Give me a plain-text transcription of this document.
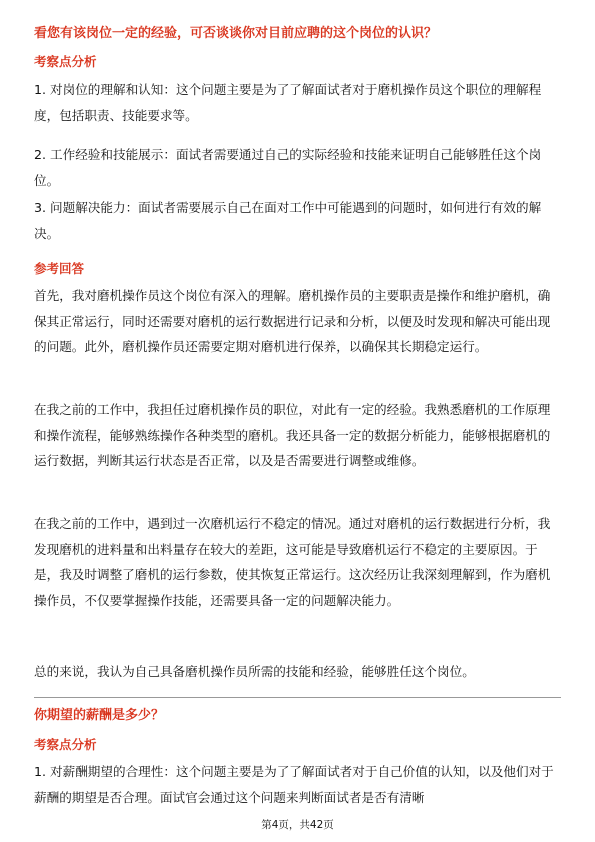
看您有该岗位一定的经验，可否谈谈你对目前应聘的这个岗位的认识？
考察点分析

1. 对岗位的理解和认知：这个问题主要是为了了解面试者对于磨机操作员这个职位的理解程度，包括职责、技能要求等。

2. 工作经验和技能展示：面试者需要通过自己的实际经验和技能来证明自己能够胜任这个岗位。

3. 问题解决能力：面试者需要展示自己在面对工作中可能遇到的问题时，如何进行有效的解决。

参考回答

首先，我对磨机操作员这个岗位有深入的理解。磨机操作员的主要职责是操作和维护磨机，确保其正常运行，同时还需要对磨机的运行数据进行记录和分析，以便及时发现和解决可能出现的问题。此外，磨机操作员还需要定期对磨机进行保养，以确保其长期稳定运行。

在我之前的工作中，我担任过磨机操作员的职位，对此有一定的经验。我熟悉磨机的工作原理和操作流程，能够熟练操作各种类型的磨机。我还具备一定的数据分析能力，能够根据磨机的运行数据，判断其运行状态是否正常，以及是否需要进行调整或维修。

在我之前的工作中，遇到过一次磨机运行不稳定的情况。通过对磨机的运行数据进行分析，我发现磨机的进料量和出料量存在较大的差距，这可能是导致磨机运行不稳定的主要原因。于是，我及时调整了磨机的运行参数，使其恢复正常运行。这次经历让我深刻理解到，作为磨机操作员，不仅要掌握操作技能，还需要具备一定的问题解决能力。

总的来说，我认为自己具备磨机操作员所需的技能和经验，能够胜任这个岗位。

你期望的薪酬是多少？
考察点分析

1. 对薪酬期望的合理性：这个问题主要是为了了解面试者对于自己价值的认知，以及他们对于薪酬的期望是否合理。面试官会通过这个问题来判断面试者是否有清晰

第4页，共42页
